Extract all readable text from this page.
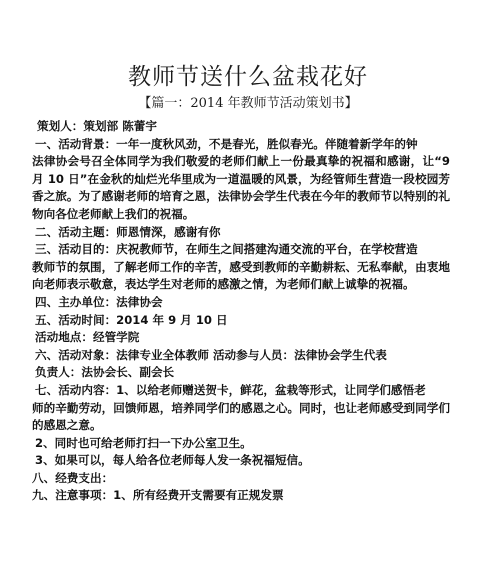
教师节送什么盆栽花好
【篇一：2014 年教师节活动策划书】

策划人：策划部 陈蕾宇

一、活动背景：一年一度秋风劲，不是春光，胜似春光。伴随着新学年的钟

法律协会号召全体同学为我们敬爱的老师们献上一份最真挚的祝福和感谢，让“9 月 10 日”在金秋的灿烂光华里成为一道温暖的风景，为经管师生营造一段校园芳香之旅。为了感谢老师的培育之恩，法律协会学生代表在今年的教师节以特别的礼物向各位老师献上我们的祝福。

二、活动主题：师恩情深，感谢有你

三、活动目的：庆祝教师节，在师生之间搭建沟通交流的平台，在学校营造

教师节的氛围，了解老师工作的辛苦，感受到教师的辛勤耕耘、无私奉献，由衷地向老师表示敬意，表达学生对老师的感激之情，为老师们献上诚挚的祝福。

四、主办单位：法律协会

五、活动时间：2014 年 9 月 10 日

活动地点：经管学院

六、活动对象：法律专业全体教师 活动参与人员：法律协会学生代表

负责人：法协会长、副会长

七、活动内容：1、以给老师赠送贺卡，鲜花，盆栽等形式，让同学们感悟老

师的辛勤劳动，回馈师恩，培养同学们的感恩之心。同时，也让老师感受到同学们的感恩之意。

2、同时也可给老师打扫一下办公室卫生。

3、如果可以，每人给各位老师每人发一条祝福短信。

八、经费支出：

九、注意事项：1、所有经费开支需要有正规发票
